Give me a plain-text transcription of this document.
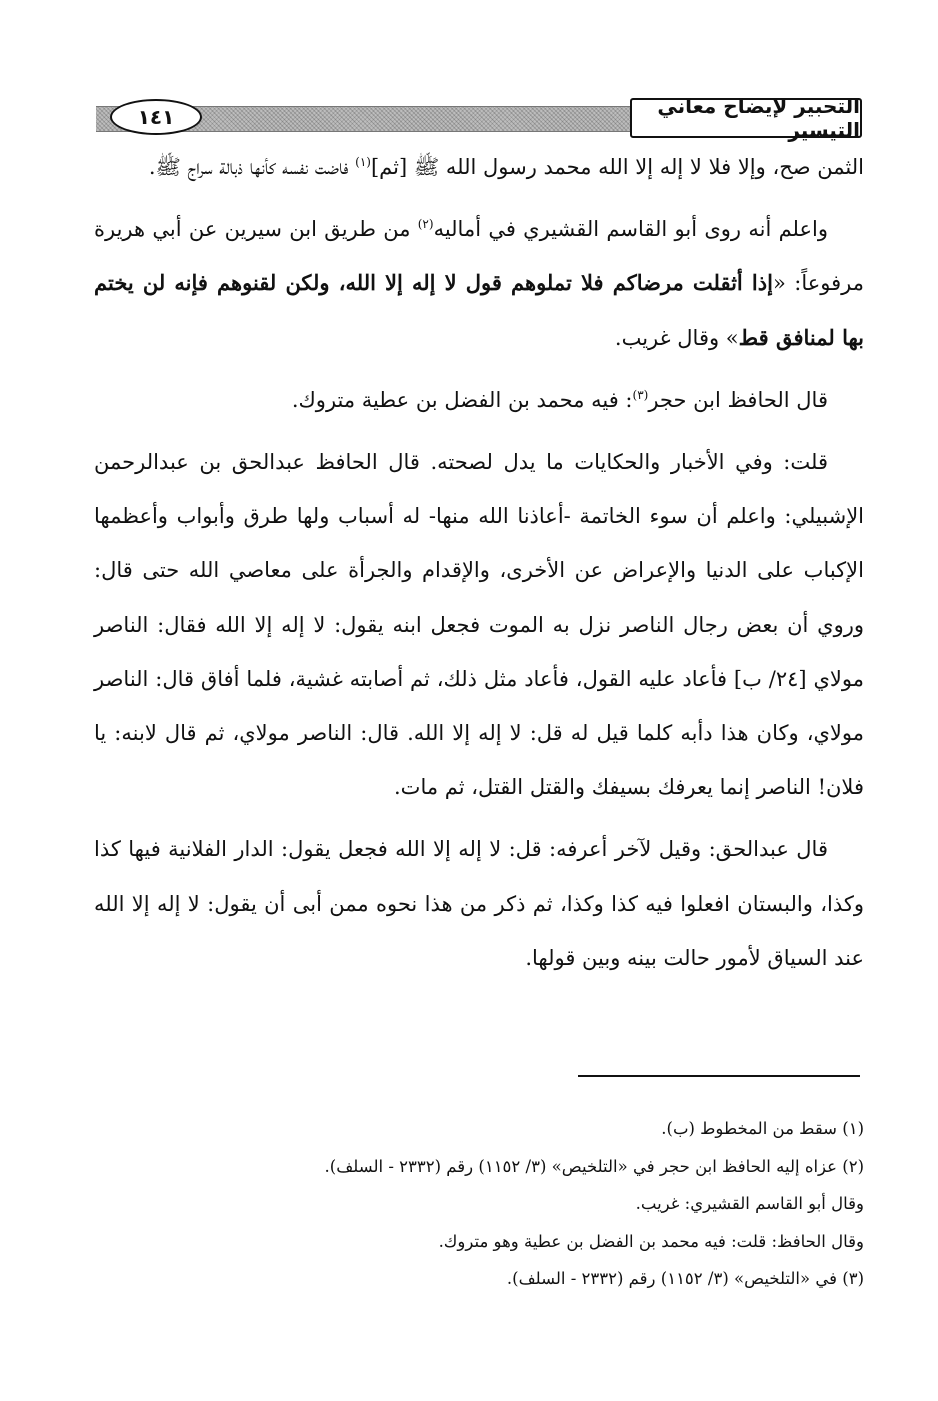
١٤١	التحبير لإيضاح معاني التيسير

الثمن صح، وإلا فلا لا إله إلا الله محمد رسول الله ﷺ [ثم]$^{(١)}$ فاضت نفسه كأنها ذبالة سراج ﷺ.

واعلم أنه روى أبو القاسم القشيري في أماليه$^{(٢)}$ من طريق ابن سيرين عن أبي هريرة مرفوعاً: «إذا أثقلت مرضاكم فلا تملوهم قول لا إله إلا الله، ولكن لقنوهم فإنه لن يختم بها لمنافق قط» وقال غريب.

قال الحافظ ابن حجر$^{(٣)}$: فيه محمد بن الفضل بن عطية متروك.

قلت: وفي الأخبار والحكايات ما يدل لصحته. قال الحافظ عبدالحق بن عبدالرحمن الإشبيلي: واعلم أن سوء الخاتمة -أعاذنا الله منها- له أسباب ولها طرق وأبواب وأعظمها الإكباب على الدنيا والإعراض عن الأخرى، والإقدام والجرأة على معاصي الله حتى قال: وروي أن بعض رجال الناصر نزل به الموت فجعل ابنه يقول: لا إله إلا الله فقال: الناصر مولاي [٢٤/ ب] فأعاد عليه القول، فأعاد مثل ذلك، ثم أصابته غشية، فلما أفاق قال: الناصر مولاي، وكان هذا دأبه كلما قيل له قل: لا إله إلا الله. قال: الناصر مولاي، ثم قال لابنه: يا فلان! الناصر إنما يعرفك بسيفك والقتل القتل، ثم مات.

قال عبدالحق: وقيل لآخر أعرفه: قل: لا إله إلا الله فجعل يقول: الدار الفلانية فيها كذا وكذا، والبستان افعلوا فيه كذا وكذا، ثم ذكر من هذا نحوه ممن أبى أن يقول: لا إله إلا الله عند السياق لأمور حالت بينه وبين قولها.

(١) سقط من المخطوط (ب).

(٢) عزاه إليه الحافظ ابن حجر في «التلخيص» (٣/ ١١٥٢) رقم (٢٣٣٢ - السلف).

وقال أبو القاسم القشيري: غريب.

وقال الحافظ: قلت: فيه محمد بن الفضل بن عطية وهو متروك.

(٣) في «التلخيص» (٣/ ١١٥٢) رقم (٢٣٣٢ - السلف).
